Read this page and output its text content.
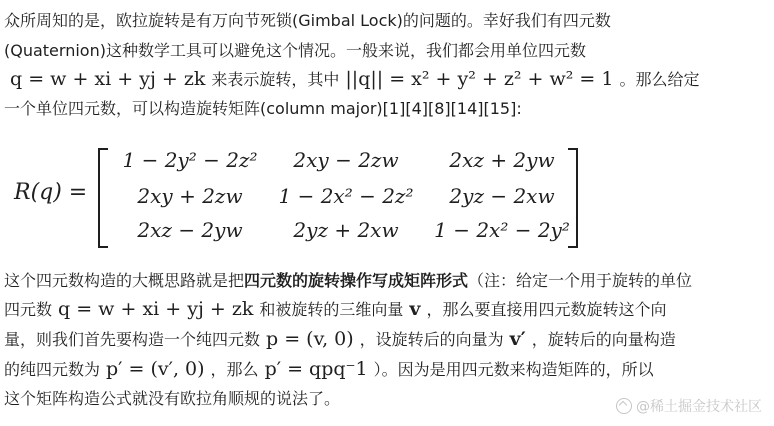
众所周知的是，欧拉旋转是有万向节死锁(Gimbal Lock)的问题的。幸好我们有四元数
(Quaternion)这种数学工具可以避免这个情况。一般来说，我们都会用单位四元数
q = w + xi + yj + zk 来表示旋转，其中 ||q|| = x² + y² + z² + w² = 1 。那么给定
一个单位四元数，可以构造旋转矩阵(column major)[1][4][8][14][15]:
R(q) =
1 − 2y² − 2z²	2xy − 2zw	2xz + 2yw
2xy + 2zw	1 − 2x² − 2z²	2yz − 2xw
2xz − 2yw	2yz + 2xw	1 − 2x² − 2y²
这个四元数构造的大概思路就是把四元数的旋转操作写成矩阵形式（注：给定一个用于旋转的单位
四元数 q = w + xi + yj + zk 和被旋转的三维向量 v ，那么要直接用四元数旋转这个向
量，则我们首先要构造一个纯四元数 p = (v, 0) ，设旋转后的向量为 v′ ，旋转后的向量构造
的纯四元数为 p′ = (v′, 0) ，那么 p′ = qpq⁻1 ）。因为是用四元数来构造矩阵的，所以
这个矩阵构造公式就没有欧拉角顺规的说法了。	@稀土掘金技术社区
